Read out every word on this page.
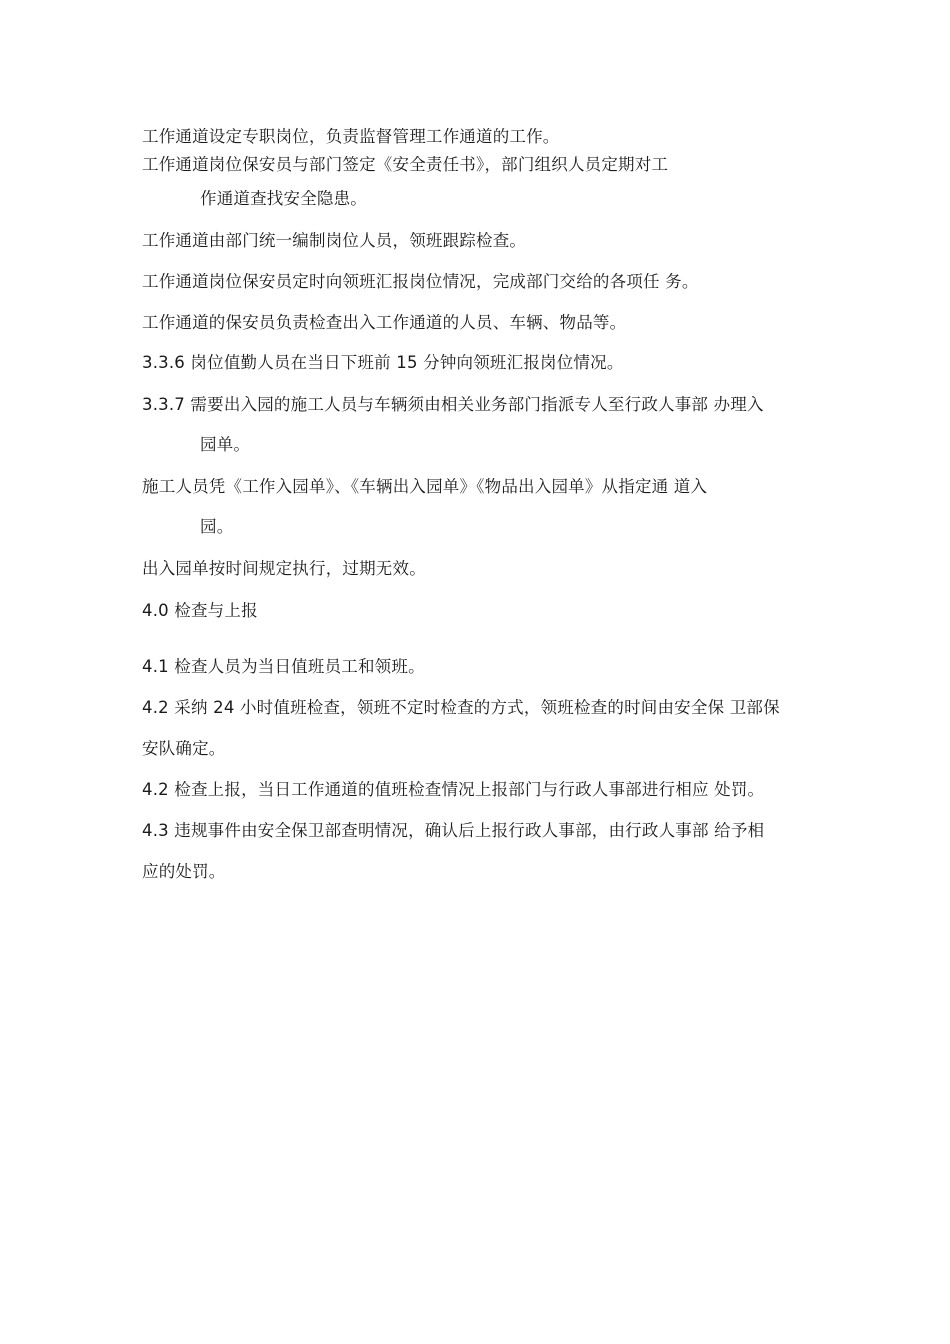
工作通道设定专职岗位，负责监督管理工作通道的工作。
工作通道岗位保安员与部门签定《安全责任书》，部门组织人员定期对工
作通道查找安全隐患。
工作通道由部门统一编制岗位人员，领班跟踪检查。
工作通道岗位保安员定时向领班汇报岗位情况，完成部门交给的各项任 务。
工作通道的保安员负责检查出入工作通道的人员、车辆、物品等。
3.3.6 岗位值勤人员在当日下班前 15 分钟向领班汇报岗位情况。
3.3.7 需要出入园的施工人员与车辆须由相关业务部门指派专人至行政人事部 办理入
园单。
施工人员凭《工作入园单》、《车辆出入园单》《物品出入园单》从指定通 道入
园。
出入园单按时间规定执行，过期无效。
4.0 检查与上报
4.1 检查人员为当日值班员工和领班。
4.2 采纳 24 小时值班检查，领班不定时检查的方式，领班检查的时间由安全保 卫部保
安队确定。
4.2 检查上报，当日工作通道的值班检查情况上报部门与行政人事部进行相应 处罚。
4.3 违规事件由安全保卫部查明情况，确认后上报行政人事部，由行政人事部 给予相
应的处罚。
